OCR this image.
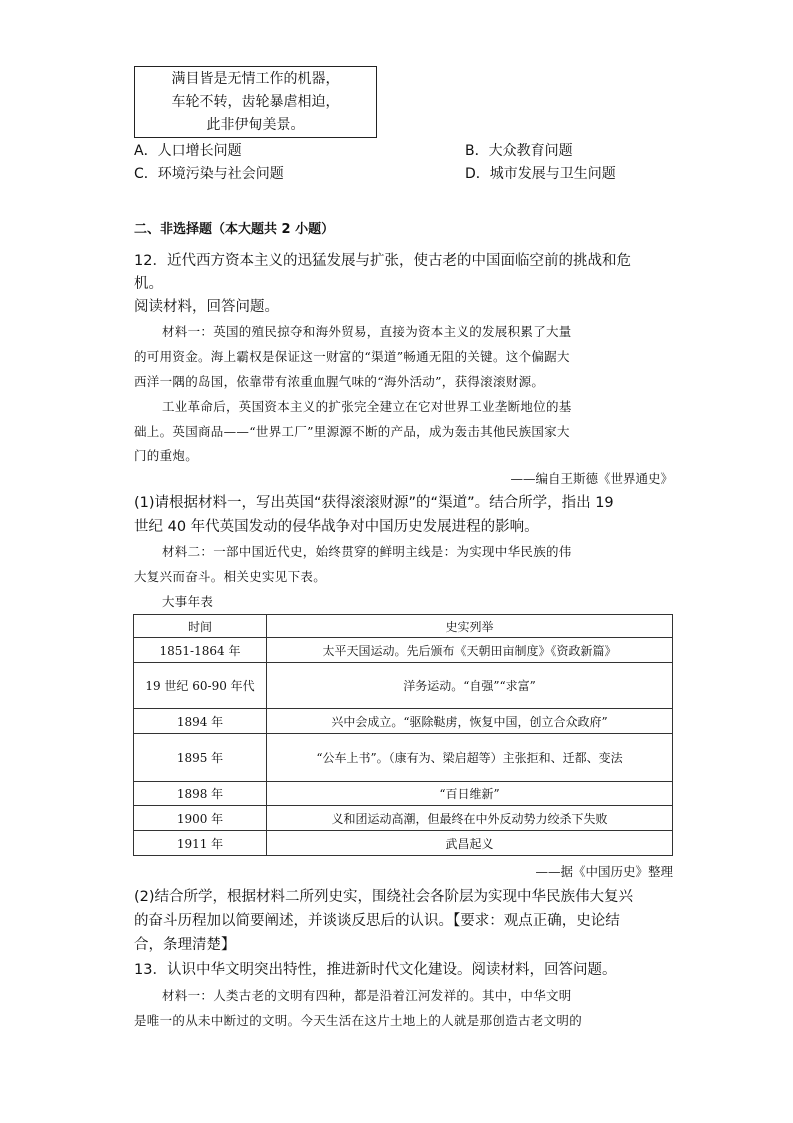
满目皆是无情工作的机器，
车轮不转，齿轮暴虐相迫，
此非伊甸美景。
A．人口增长问题	B．大众教育问题
C．环境污染与社会问题	D．城市发展与卫生问题
二、非选择题（本大题共 2 小题）
12．近代西方资本主义的迅猛发展与扩张，使古老的中国面临空前的挑战和危
机。
阅读材料，回答问题。
材料一：英国的殖民掠夺和海外贸易，直接为资本主义的发展积累了大量
的可用资金。海上霸权是保证这一财富的“渠道”畅通无阻的关键。这个偏踞大
西洋一隅的岛国，依靠带有浓重血腥气味的“海外活动”，获得滚滚财源。
工业革命后，英国资本主义的扩张完全建立在它对世界工业垄断地位的基
础上。英国商品——“世界工厂”里源源不断的产品，成为轰击其他民族国家大
门的重炮。
——编自王斯德《世界通史》
(1)请根据材料一，写出英国“获得滚滚财源”的“渠道”。结合所学，指出 19
世纪 40 年代英国发动的侵华战争对中国历史发展进程的影响。
材料二：一部中国近代史，始终贯穿的鲜明主线是：为实现中华民族的伟
大复兴而奋斗。相关史实见下表。
大事年表
时间	史实列举
1851-1864 年	太平天国运动。先后颁布《天朝田亩制度》《资政新篇》
19 世纪 60-90 年代	洋务运动。“自强”“求富”
1894 年	兴中会成立。“驱除鞑虏，恢复中国，创立合众政府”
1895 年	“公车上书”。（康有为、梁启超等）主张拒和、迁都、变法
1898 年	“百日维新”
1900 年	义和团运动高潮，但最终在中外反动势力绞杀下失败
1911 年	武昌起义
——据《中国历史》整理
(2)结合所学，根据材料二所列史实，围绕社会各阶层为实现中华民族伟大复兴
的奋斗历程加以简要阐述，并谈谈反思后的认识。【要求：观点正确，史论结
合，条理清楚】
13．认识中华文明突出特性，推进新时代文化建设。阅读材料，回答问题。
材料一：人类古老的文明有四种，都是沿着江河发祥的。其中，中华文明
是唯一的从未中断过的文明。今天生活在这片土地上的人就是那创造古老文明的
